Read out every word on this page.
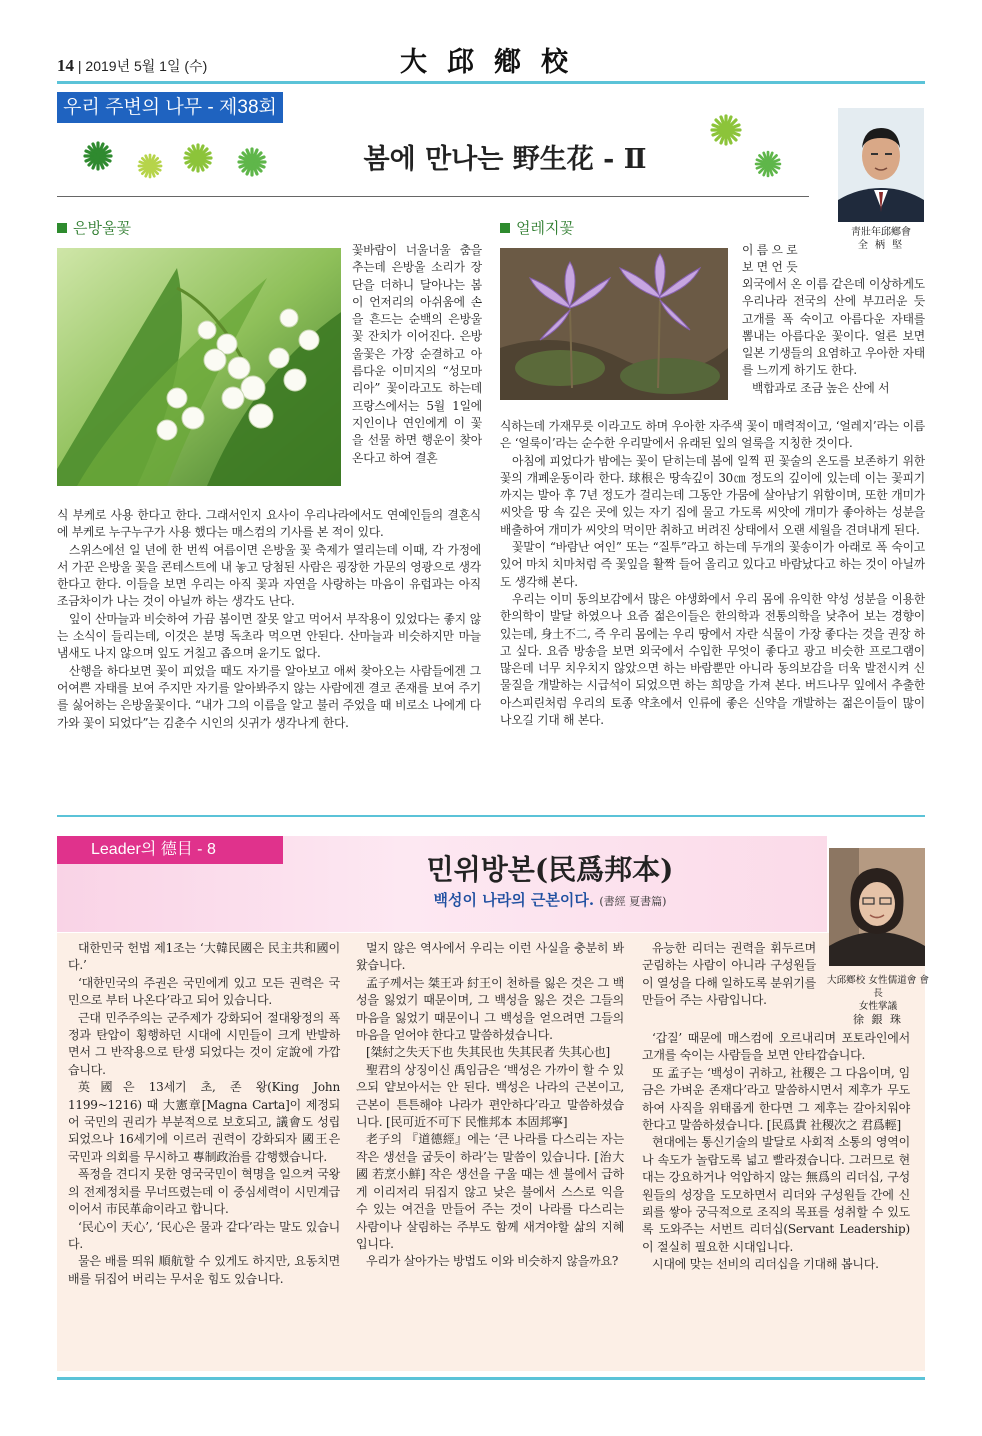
14 | 2019년 5월 1일 (수)	大邱鄕校
우리 주변의 나무 - 제38회
봄에 만나는 野生花 - Ⅱ
靑壯年邱鄕會
全 柄 堅
은방울꽃
꽃바람이 너울너울 춤을 추는데 은방울 소리가 장단을 더하니 달아나는 봄이 언저리의 아쉬움에 손을 흔드는 순백의 은방울꽃 잔치가 이어진다. 은방울꽃은 가장 순결하고 아름다운 이미지의 “성모마리아” 꽃이라고도 하는데 프랑스에서는 5월 1일에 지인이나 연인에게 이 꽃을 선물 하면 행운이 찾아온다고 하여 결혼

식 부케로 사용 한다고 한다. 그래서인지 요사이 우리나라에서도 연예인들의 결혼식에 부케로 누구누구가 사용 했다는 매스컴의 기사를 본 적이 있다.

스위스에선 일 년에 한 번씩 여름이면 은방울 꽃 축제가 열리는데 이때, 각 가정에서 가꾼 은방울 꽃을 콘테스트에 내 놓고 당첨된 사람은 굉장한 가문의 영광으로 생각한다고 한다. 이들을 보면 우리는 아직 꽃과 자연을 사랑하는 마음이 유럽과는 아직 조금차이가 나는 것이 아닐까 하는 생각도 난다.

잎이 산마늘과 비슷하여 가끔 봄이면 잘못 알고 먹어서 부작용이 있었다는 좋지 않는 소식이 들리는데, 이것은 분명 독초라 먹으면 안된다. 산마늘과 비슷하지만 마늘 냄새도 나지 않으며 잎도 거칠고 좁으며 윤기도 없다.

산행을 하다보면 꽃이 피었을 때도 자기를 알아보고 애써 찾아오는 사람들에겐 그 어여쁜 자태를 보여 주지만 자기를 알아봐주지 않는 사람에겐 결코 존재를 보여 주기를 싫어하는 은방울꽃이다. “내가 그의 이름을 알고 불러 주었을 때 비로소 나에게 다가와 꽃이 되었다”는 김춘수 시인의 싯귀가 생각나게 한다.

얼레지꽃
이 름 으 로
보 면 언 듯

외국에서 온 이름 같은데 이상하게도 우리나라 전국의 산에 부끄러운 듯 고개를 폭 숙이고 아름다운 자태를 뽐내는 아름다운 꽃이다. 얼른 보면 일본 기생들의 요염하고 우아한 자태를 느끼게 하기도 한다.

백합과로 조금 높은 산에 서

식하는데 가재무릇 이라고도 하며 우아한 자주색 꽃이 매력적이고, ‘얼레지’라는 이름은 ‘얼룩이’라는 순수한 우리말에서 유래된 잎의 얼룩을 지칭한 것이다.

아침에 피었다가 밤에는 꽃이 닫히는데 봄에 일찍 핀 꽃술의 온도를 보존하기 위한 꽃의 개폐운동이라 한다. 球根은 땅속깊이 30㎝ 정도의 깊이에 있는데 이는 꽃피기 까지는 발아 후 7년 정도가 걸리는데 그동안 가뭄에 살아남기 위함이며, 또한 개미가 씨앗을 땅 속 깊은 곳에 있는 자기 집에 물고 가도록 씨앗에 개미가 좋아하는 성분을 배출하여 개미가 씨앗의 먹이만 취하고 버려진 상태에서 오랜 세월을 견뎌내게 된다.

꽃말이 “바람난 여인” 또는 “질투”라고 하는데 두개의 꽃송이가 아래로 폭 숙이고 있어 마치 치마처럼 즉 꽃잎을 활짝 들어 올리고 있다고 바람났다고 하는 것이 아닐까도 생각해 본다.

우리는 이미 동의보감에서 많은 야생화에서 우리 몸에 유익한 약성 성분을 이용한 한의학이 발달 하였으나 요즘 젊은이들은 한의학과 전통의학을 낮추어 보는 경향이 있는데, 身土不二, 즉 우리 몸에는 우리 땅에서 자란 식물이 가장 좋다는 것을 권장 하고 싶다. 요즘 방송을 보면 외국에서 수입한 무엇이 좋다고 광고 비슷한 프로그램이 많은데 너무 치우치지 않았으면 하는 바람뿐만 아니라 동의보감을 더욱 발전시켜 신물질을 개발하는 시급석이 되었으면 하는 희망을 가져 본다. 버드나무 잎에서 추출한 아스피린처럼 우리의 토종 약초에서 인류에 좋은 신약을 개발하는 젊은이들이 많이 나오길 기대 해 본다.

Leader의 德目 - 8
민위방본(民爲邦本)
백성이 나라의 근본이다. (書經 夏書篇)
大邱鄕校 女性儒道會 會長
女性掌議
徐 銀 珠

대한민국 헌법 제1조는 ‘大韓民國은 民主共和國이다.’

‘대한민국의 주권은 국민에게 있고 모든 권력은 국민으로 부터 나온다’라고 되어 있습니다.

근대 민주주의는 군주제가 강화되어 절대왕정의 폭정과 탄압이 횡행하던 시대에 시민들이 크게 반발하면서 그 반작용으로 탄생 되었다는 것이 定說에 가깝습니다.

英國은 13세기 초, 존 왕(King John 1199~1216) 때 大憲章[Magna Carta]이 제정되어 국민의 권리가 부분적으로 보호되고, 議會도 성립되었으나 16세기에 이르러 권력이 강화되자 國王은 국민과 의회를 무시하고 專制政治를 감행했습니다.

폭정을 견디지 못한 영국국민이 혁명을 일으켜 국왕의 전제정치를 무너뜨렸는데 이 중심세력이 시민계급이어서 市民革命이라고 합니다.

‘民心이 天心’, ‘民心은 물과 같다’라는 말도 있습니다.

물은 배를 띄워 順航할 수 있게도 하지만, 요동치면 배를 뒤집어 버리는 무서운 힘도 있습니다.

멀지 않은 역사에서 우리는 이런 사실을 충분히 봐 왔습니다.

孟子께서는 桀王과 紂王이 천하를 잃은 것은 그 백성을 잃었기 때문이며, 그 백성을 잃은 것은 그들의 마음을 잃었기 때문이니 그 백성을 얻으려면 그들의 마음을 얻어야 한다고 말씀하셨습니다.

[桀紂之失天下也 失其民也 失其民者 失其心也]

聖君의 상징이신 禹임금은 ‘백성은 가까이 할 수 있으되 얕보아서는 안 된다. 백성은 나라의 근본이고, 근본이 튼튼해야 나라가 편안하다’라고 말씀하셨습니다. [民可近不可下 民惟邦本 本固邦寧]

老子의 『道德經』에는 ‘큰 나라를 다스리는 자는 작은 생선을 굽듯이 하라’는 말씀이 있습니다. [治大國 若烹小鮮] 작은 생선을 구울 때는 센 불에서 급하게 이리저리 뒤집지 않고 낮은 불에서 스스로 익을 수 있는 여건을 만들어 주는 것이 나라를 다스리는 사람이나 살림하는 주부도 함께 새겨야할 삶의 지혜입니다.

우리가 살아가는 방법도 이와 비슷하지 않을까요?

유능한 리더는 권력을 휘두르며 군림하는 사람이 아니라 구성원들이 열성을 다해 일하도록 분위기를 만들어 주는 사람입니다.

‘갑질’ 때문에 매스컴에 오르내리며 포토라인에서 고개를 숙이는 사람들을 보면 안타깝습니다.

또 孟子는 ‘백성이 귀하고, 社稷은 그 다음이며, 임금은 가벼운 존재다’라고 말씀하시면서 제후가 무도하여 사직을 위태롭게 한다면 그 제후는 갈아치워야 한다고 말씀하셨습니다. [民爲貴 社稷次之 君爲輕]

현대에는 통신기술의 발달로 사회적 소통의 영역이나 속도가 놀랍도록 넓고 빨라졌습니다. 그러므로 현대는 강요하거나 억압하지 않는 無爲의 리더십, 구성원들의 성장을 도모하면서 리더와 구성원들 간에 신뢰를 쌓아 궁극적으로 조직의 목표를 성취할 수 있도록 도와주는 서번트 리더십(Servant Leadership)이 절실히 필요한 시대입니다.

시대에 맞는 선비의 리더십을 기대해 봅니다.
